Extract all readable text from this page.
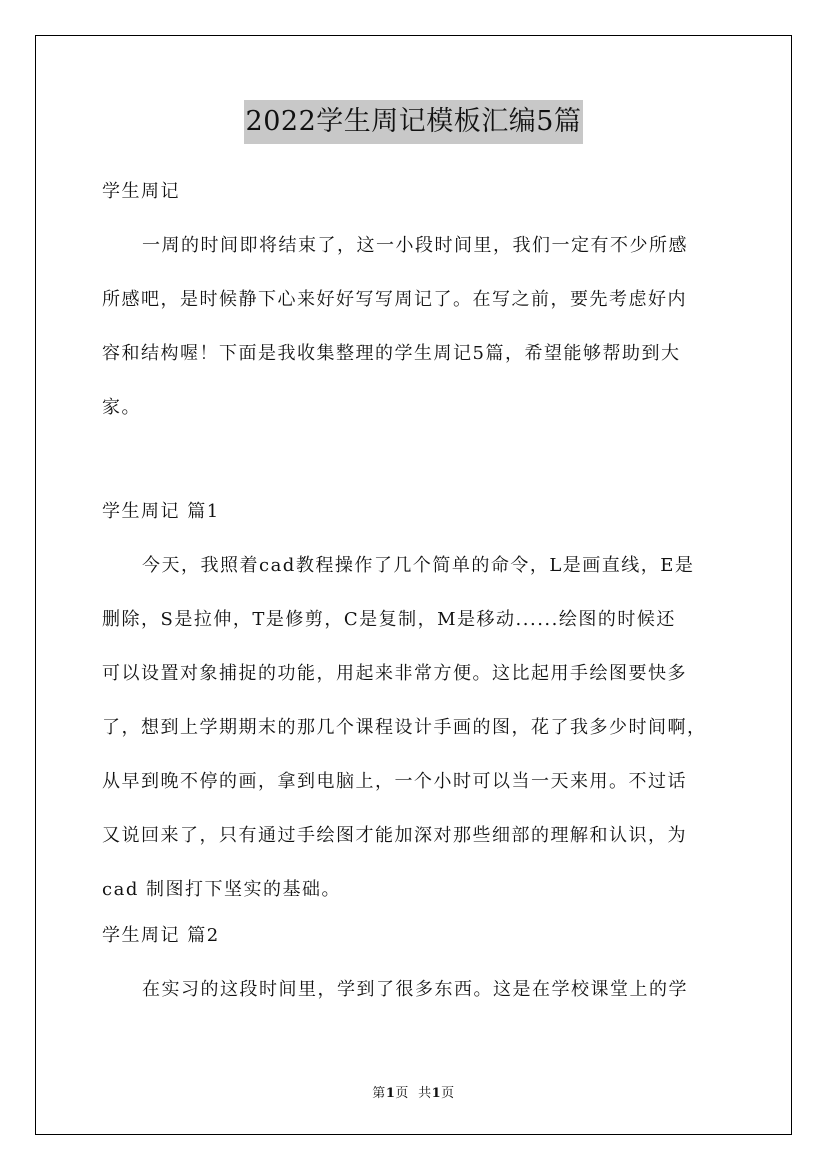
2022学生周记模板汇编5篇
学生周记
一周的时间即将结束了，这一小段时间里，我们一定有不少所感
所感吧，是时候静下心来好好写写周记了。在写之前，要先考虑好内
容和结构喔！下面是我收集整理的学生周记5篇，希望能够帮助到大
家。
学生周记 篇1
今天，我照着cad教程操作了几个简单的命令，L是画直线，E是
删除，S是拉伸，T是修剪，C是复制，M是移动......绘图的时候还
可以设置对象捕捉的功能，用起来非常方便。这比起用手绘图要快多
了，想到上学期期末的那几个课程设计手画的图，花了我多少时间啊，
从早到晚不停的画，拿到电脑上，一个小时可以当一天来用。不过话
又说回来了，只有通过手绘图才能加深对那些细部的理解和认识，为
cad 制图打下坚实的基础。
学生周记 篇2
在实习的这段时间里，学到了很多东西。这是在学校课堂上的学
第1页  共1页
